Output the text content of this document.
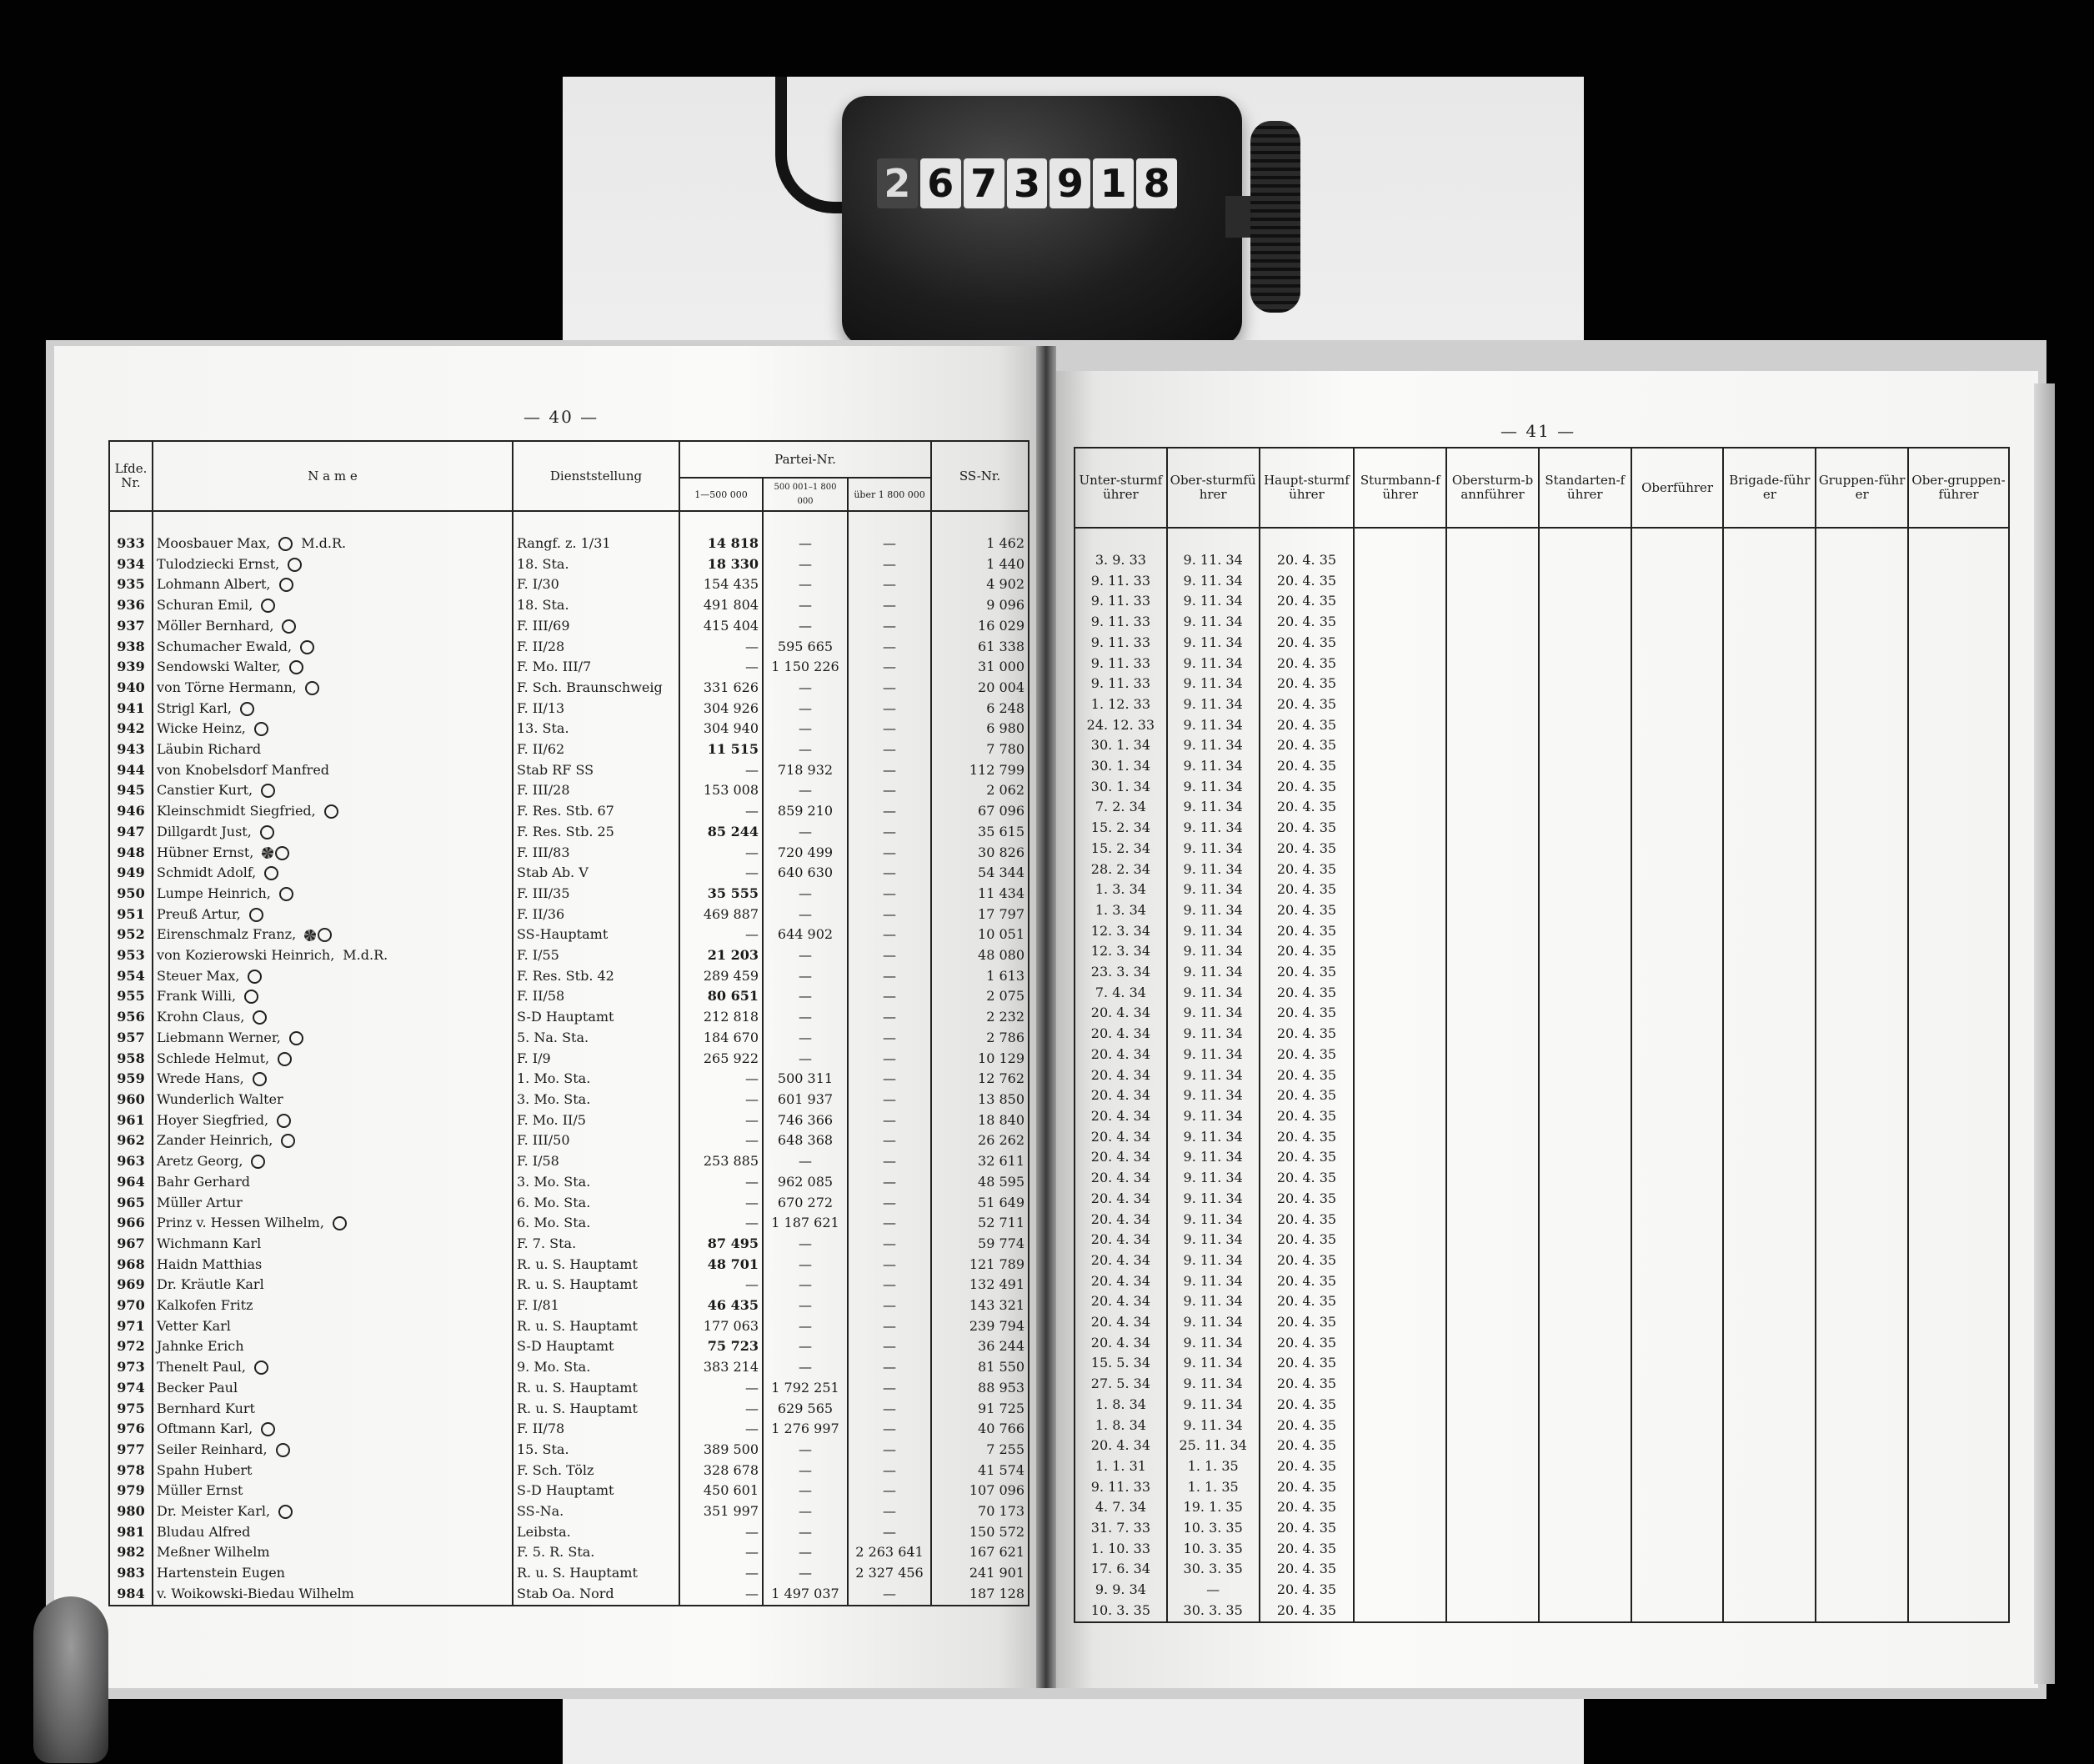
2 6 7 3 9 1 8
— 40 —
— 41 —
Lfde. Nr.	N a m e	Dienststellung	Partei-Nr.			SS-Nr.
			1—500 000	500 001–1 800 000	über 1 800 000	

933	Moosbauer Max, M.d.R.	Rangf. z. 1/31	14 818	—	—	1 462
934	Tulodziecki Ernst,	18. Sta.	18 330	—	—	1 440
935	Lohmann Albert,	F. I/30	154 435	—	—	4 902
936	Schuran Emil,	18. Sta.	491 804	—	—	9 096
937	Möller Bernhard,	F. III/69	415 404	—	—	16 029
938	Schumacher Ewald,	F. II/28	—	595 665	—	61 338
939	Sendowski Walter,	F. Mo. III/7	—	1 150 226	—	31 000
940	von Törne Hermann,	F. Sch. Braunschweig	331 626	—	—	20 004
941	Strigl Karl,	F. II/13	304 926	—	—	6 248
942	Wicke Heinz,	13. Sta.	304 940	—	—	6 980
943	Läubin Richard	F. II/62	11 515	—	—	7 780
944	von Knobelsdorf Manfred	Stab RF SS	—	718 932	—	112 799
945	Canstier Kurt,	F. III/28	153 008	—	—	2 062
946	Kleinschmidt Siegfried,	F. Res. Stb. 67	—	859 210	—	67 096
947	Dillgardt Just,	F. Res. Stb. 25	85 244	—	—	35 615
948	Hübner Ernst,	F. III/83	—	720 499	—	30 826
949	Schmidt Adolf,	Stab Ab. V	—	640 630	—	54 344
950	Lumpe Heinrich,	F. III/35	35 555	—	—	11 434
951	Preuß Artur,	F. II/36	469 887	—	—	17 797
952	Eirenschmalz Franz,	SS-Hauptamt	—	644 902	—	10 051
953	von Kozierowski Heinrich, M.d.R.	F. I/55	21 203	—	—	48 080
954	Steuer Max,	F. Res. Stb. 42	289 459	—	—	1 613
955	Frank Willi,	F. II/58	80 651	—	—	2 075
956	Krohn Claus,	S-D Hauptamt	212 818	—	—	2 232
957	Liebmann Werner,	5. Na. Sta.	184 670	—	—	2 786
958	Schlede Helmut,	F. I/9	265 922	—	—	10 129
959	Wrede Hans,	1. Mo. Sta.	—	500 311	—	12 762
960	Wunderlich Walter	3. Mo. Sta.	—	601 937	—	13 850
961	Hoyer Siegfried,	F. Mo. II/5	—	746 366	—	18 840
962	Zander Heinrich,	F. III/50	—	648 368	—	26 262
963	Aretz Georg,	F. I/58	253 885	—	—	32 611
964	Bahr Gerhard	3. Mo. Sta.	—	962 085	—	48 595
965	Müller Artur	6. Mo. Sta.	—	670 272	—	51 649
966	Prinz v. Hessen Wilhelm,	6. Mo. Sta.	—	1 187 621	—	52 711
967	Wichmann Karl	F. 7. Sta.	87 495	—	—	59 774
968	Haidn Matthias	R. u. S. Hauptamt	48 701	—	—	121 789
969	Dr. Kräutle Karl	R. u. S. Hauptamt	—	—	—	132 491
970	Kalkofen Fritz	F. I/81	46 435	—	—	143 321
971	Vetter Karl	R. u. S. Hauptamt	177 063	—	—	239 794
972	Jahnke Erich	S-D Hauptamt	75 723	—	—	36 244
973	Thenelt Paul,	9. Mo. Sta.	383 214	—	—	81 550
974	Becker Paul	R. u. S. Hauptamt	—	1 792 251	—	88 953
975	Bernhard Kurt	R. u. S. Hauptamt	—	629 565	—	91 725
976	Oftmann Karl,	F. II/78	—	1 276 997	—	40 766
977	Seiler Reinhard,	15. Sta.	389 500	—	—	7 255
978	Spahn Hubert	F. Sch. Tölz	328 678	—	—	41 574
979	Müller Ernst	S-D Hauptamt	450 601	—	—	107 096
980	Dr. Meister Karl,	SS-Na.	351 997	—	—	70 173
981	Bludau Alfred	Leibsta.	—	—	—	150 572
982	Meßner Wilhelm	F. 5. R. Sta.	—	—	2 263 641	167 621
983	Hartenstein Eugen	R. u. S. Hauptamt	—	—	2 327 456	241 901
984	v. Woikowski-Biedau Wilhelm	Stab Oa. Nord	—	1 497 037	—	187 128
Unter-sturmführer	Ober-sturmführer	Haupt-sturmführer	Sturmbann-führer	Obersturm-bannführer	Standarten-führer	Oberführer	Brigade-führer	Gruppen-führer	Ober-gruppen-führer

3. 9. 33	9. 11. 34	20. 4. 35							
9. 11. 33	9. 11. 34	20. 4. 35							
9. 11. 33	9. 11. 34	20. 4. 35							
9. 11. 33	9. 11. 34	20. 4. 35							
9. 11. 33	9. 11. 34	20. 4. 35							
9. 11. 33	9. 11. 34	20. 4. 35							
9. 11. 33	9. 11. 34	20. 4. 35							
1. 12. 33	9. 11. 34	20. 4. 35							
24. 12. 33	9. 11. 34	20. 4. 35							
30. 1. 34	9. 11. 34	20. 4. 35							
30. 1. 34	9. 11. 34	20. 4. 35							
30. 1. 34	9. 11. 34	20. 4. 35							
7. 2. 34	9. 11. 34	20. 4. 35							
15. 2. 34	9. 11. 34	20. 4. 35							
15. 2. 34	9. 11. 34	20. 4. 35							
28. 2. 34	9. 11. 34	20. 4. 35							
1. 3. 34	9. 11. 34	20. 4. 35							
1. 3. 34	9. 11. 34	20. 4. 35							
12. 3. 34	9. 11. 34	20. 4. 35							
12. 3. 34	9. 11. 34	20. 4. 35							
23. 3. 34	9. 11. 34	20. 4. 35							
7. 4. 34	9. 11. 34	20. 4. 35							
20. 4. 34	9. 11. 34	20. 4. 35							
20. 4. 34	9. 11. 34	20. 4. 35							
20. 4. 34	9. 11. 34	20. 4. 35							
20. 4. 34	9. 11. 34	20. 4. 35							
20. 4. 34	9. 11. 34	20. 4. 35							
20. 4. 34	9. 11. 34	20. 4. 35							
20. 4. 34	9. 11. 34	20. 4. 35							
20. 4. 34	9. 11. 34	20. 4. 35							
20. 4. 34	9. 11. 34	20. 4. 35							
20. 4. 34	9. 11. 34	20. 4. 35							
20. 4. 34	9. 11. 34	20. 4. 35							
20. 4. 34	9. 11. 34	20. 4. 35							
20. 4. 34	9. 11. 34	20. 4. 35							
20. 4. 34	9. 11. 34	20. 4. 35							
20. 4. 34	9. 11. 34	20. 4. 35							
20. 4. 34	9. 11. 34	20. 4. 35							
20. 4. 34	9. 11. 34	20. 4. 35							
15. 5. 34	9. 11. 34	20. 4. 35							
27. 5. 34	9. 11. 34	20. 4. 35							
1. 8. 34	9. 11. 34	20. 4. 35							
1. 8. 34	9. 11. 34	20. 4. 35							
20. 4. 34	25. 11. 34	20. 4. 35							
1. 1. 31	1. 1. 35	20. 4. 35							
9. 11. 33	1. 1. 35	20. 4. 35							
4. 7. 34	19. 1. 35	20. 4. 35							
31. 7. 33	10. 3. 35	20. 4. 35							
1. 10. 33	10. 3. 35	20. 4. 35							
17. 6. 34	30. 3. 35	20. 4. 35							
9. 9. 34	—	20. 4. 35							
10. 3. 35	30. 3. 35	20. 4. 35							
